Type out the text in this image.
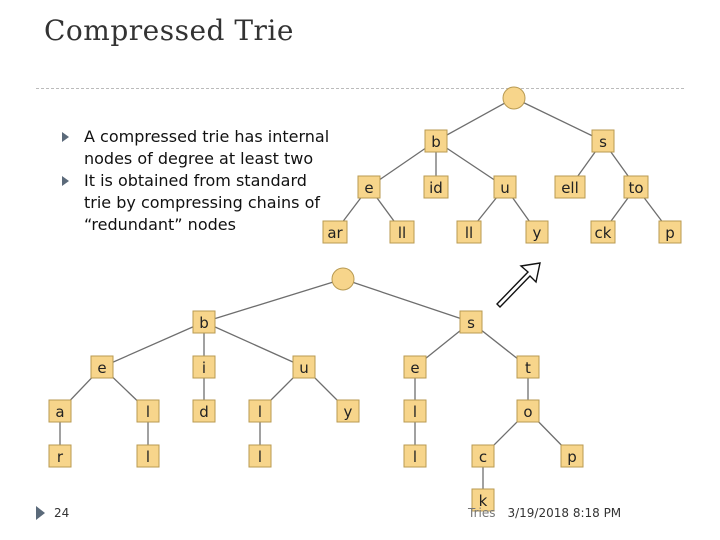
Compressed Trie
A compressed trie has internal nodes of degree at least two
It is obtained from standard trie by compressing chains of “redundant” nodes
b	s
e	id	u	ell	to
ar	ll	ll	y	ck	p
b	s
e	i	u	e	t
a	l	d	l	y	l	o
r	l	l	l	c	p
k
24	Tries 3/19/2018 8:18 PM
